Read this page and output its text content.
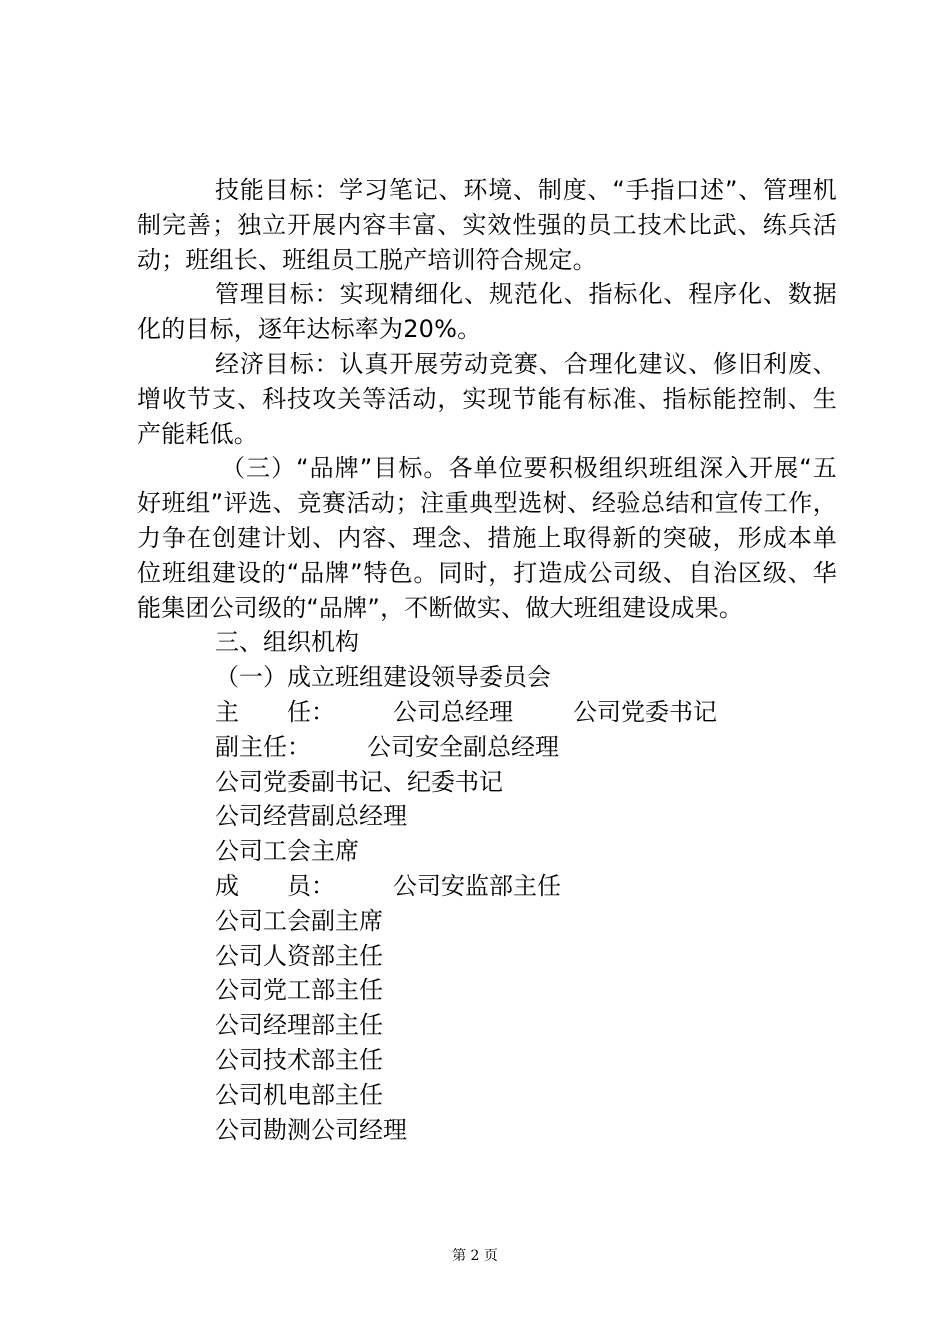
技能目标：学习笔记、环境、制度、“手指口述”、管理机制完善；独立开展内容丰富、实效性强的员工技术比武、练兵活动；班组长、班组员工脱产培训符合规定。

管理目标：实现精细化、规范化、指标化、程序化、数据化的目标，逐年达标率为20%。

经济目标：认真开展劳动竞赛、合理化建议、修旧利废、增收节支、科技攻关等活动，实现节能有标准、指标能控制、生产能耗低。

（三）“品牌”目标。各单位要积极组织班组深入开展“五好班组”评选、竞赛活动；注重典型选树、经验总结和宣传工作，力争在创建计划、内容、理念、措施上取得新的突破，形成本单位班组建设的“品牌”特色。同时，打造成公司级、自治区级、华能集团公司级的“品牌”，不断做实、做大班组建设成果。

三、组织机构

（一）成立班组建设领导委员会

主　　任： 公司总经理	公司党委书记

副主任： 公司安全副总经理

公司党委副书记、纪委书记

公司经营副总经理

公司工会主席

成　　员： 公司安监部主任

公司工会副主席

公司人资部主任

公司党工部主任

公司经理部主任

公司技术部主任

公司机电部主任

公司勘测公司经理

第 2 页
